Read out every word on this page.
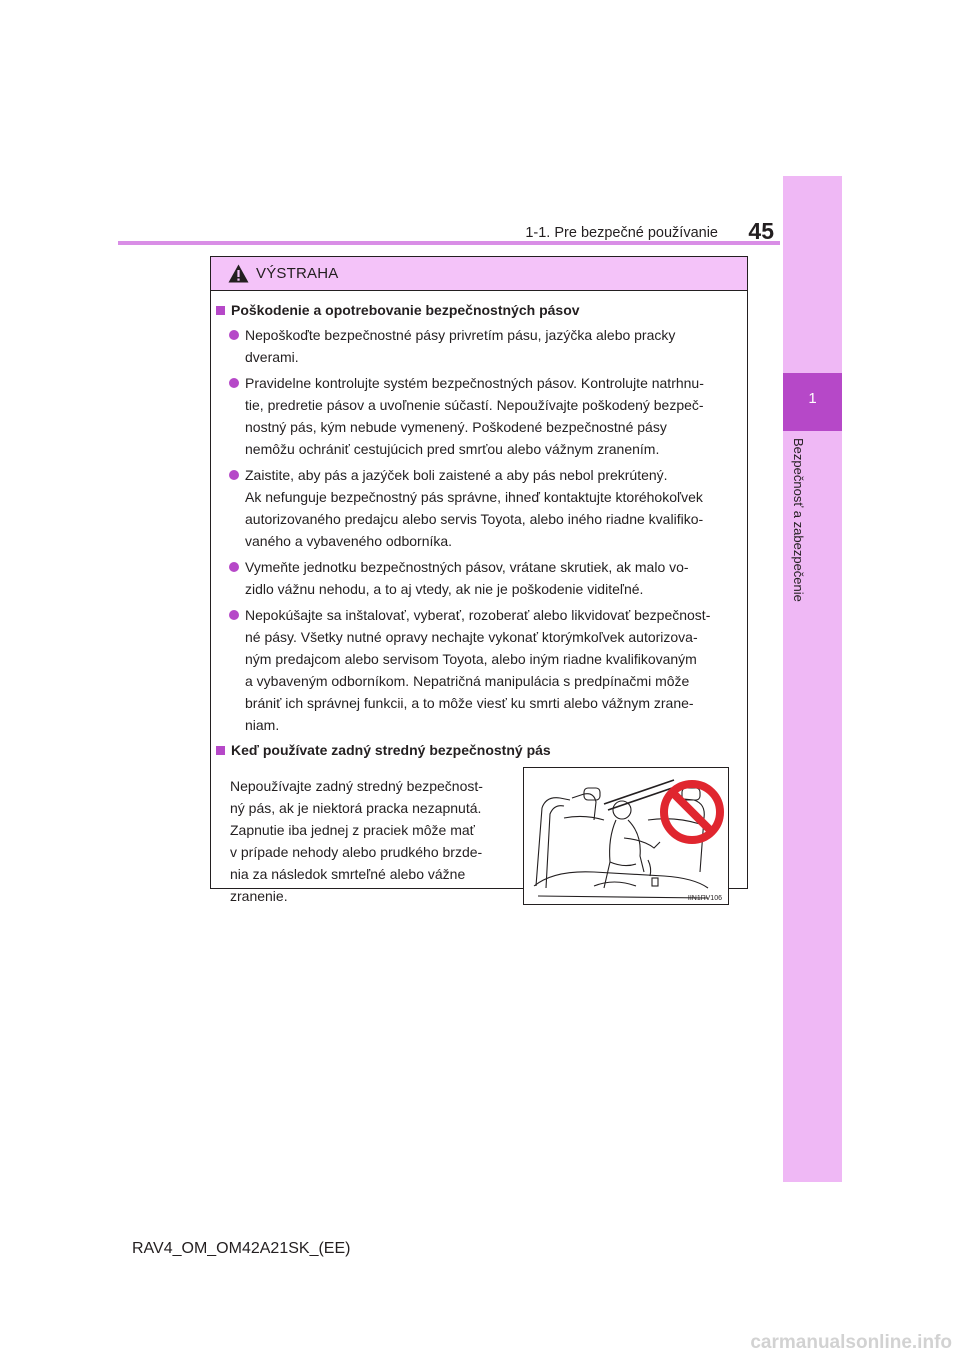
1-1. Pre bezpečné používanie	45
1
Bezpečnosť a zabezpečenie
VÝSTRAHA
Poškodenie a opotrebovanie bezpečnostných pásov
Nepoškoďte bezpečnostné pásy privretím pásu, jazýčka alebo pracky
dverami.
Pravidelne kontrolujte systém bezpečnostných pásov. Kontrolujte natrhnu-
tie, predretie pásov a uvoľnenie súčastí. Nepoužívajte poškodený bezpeč-
nostný pás, kým nebude vymenený. Poškodené bezpečnostné pásy
nemôžu ochrániť cestujúcich pred smrťou alebo vážnym zranením.
Zaistite, aby pás a jazýček boli zaistené a aby pás nebol prekrútený.
Ak nefunguje bezpečnostný pás správne, ihneď kontaktujte ktoréhokoľvek
autorizovaného predajcu alebo servis Toyota, alebo iného riadne kvalifiko-
vaného a vybaveného odborníka.
Vymeňte jednotku bezpečnostných pásov, vrátane skrutiek, ak malo vo-
zidlo vážnu nehodu, a to aj vtedy, ak nie je poškodenie viditeľné.
Nepokúšajte sa inštalovať, vyberať, rozoberať alebo likvidovať bezpečnost-
né pásy. Všetky nutné opravy nechajte vykonať ktorýmkoľvek autorizova-
ným predajcom alebo servisom Toyota, alebo iným riadne kvalifikovaným
a vybaveným odborníkom. Nepatričná manipulácia s predpínačmi môže
brániť ich správnej funkcii, a to môže viesť ku smrti alebo vážnym zrane-
niam.
Keď používate zadný stredný bezpečnostný pás
Nepoužívajte zadný stredný bezpečnost-
ný pás, ak je niektorá pracka nezapnutá.
Zapnutie iba jednej z praciek môže mať
v prípade nehody alebo prudkého brzde-
nia za následok smrteľné alebo vážne
zranenie.	IIN1RV106
RAV4_OM_OM42A21SK_(EE)
carmanualsonline.info
